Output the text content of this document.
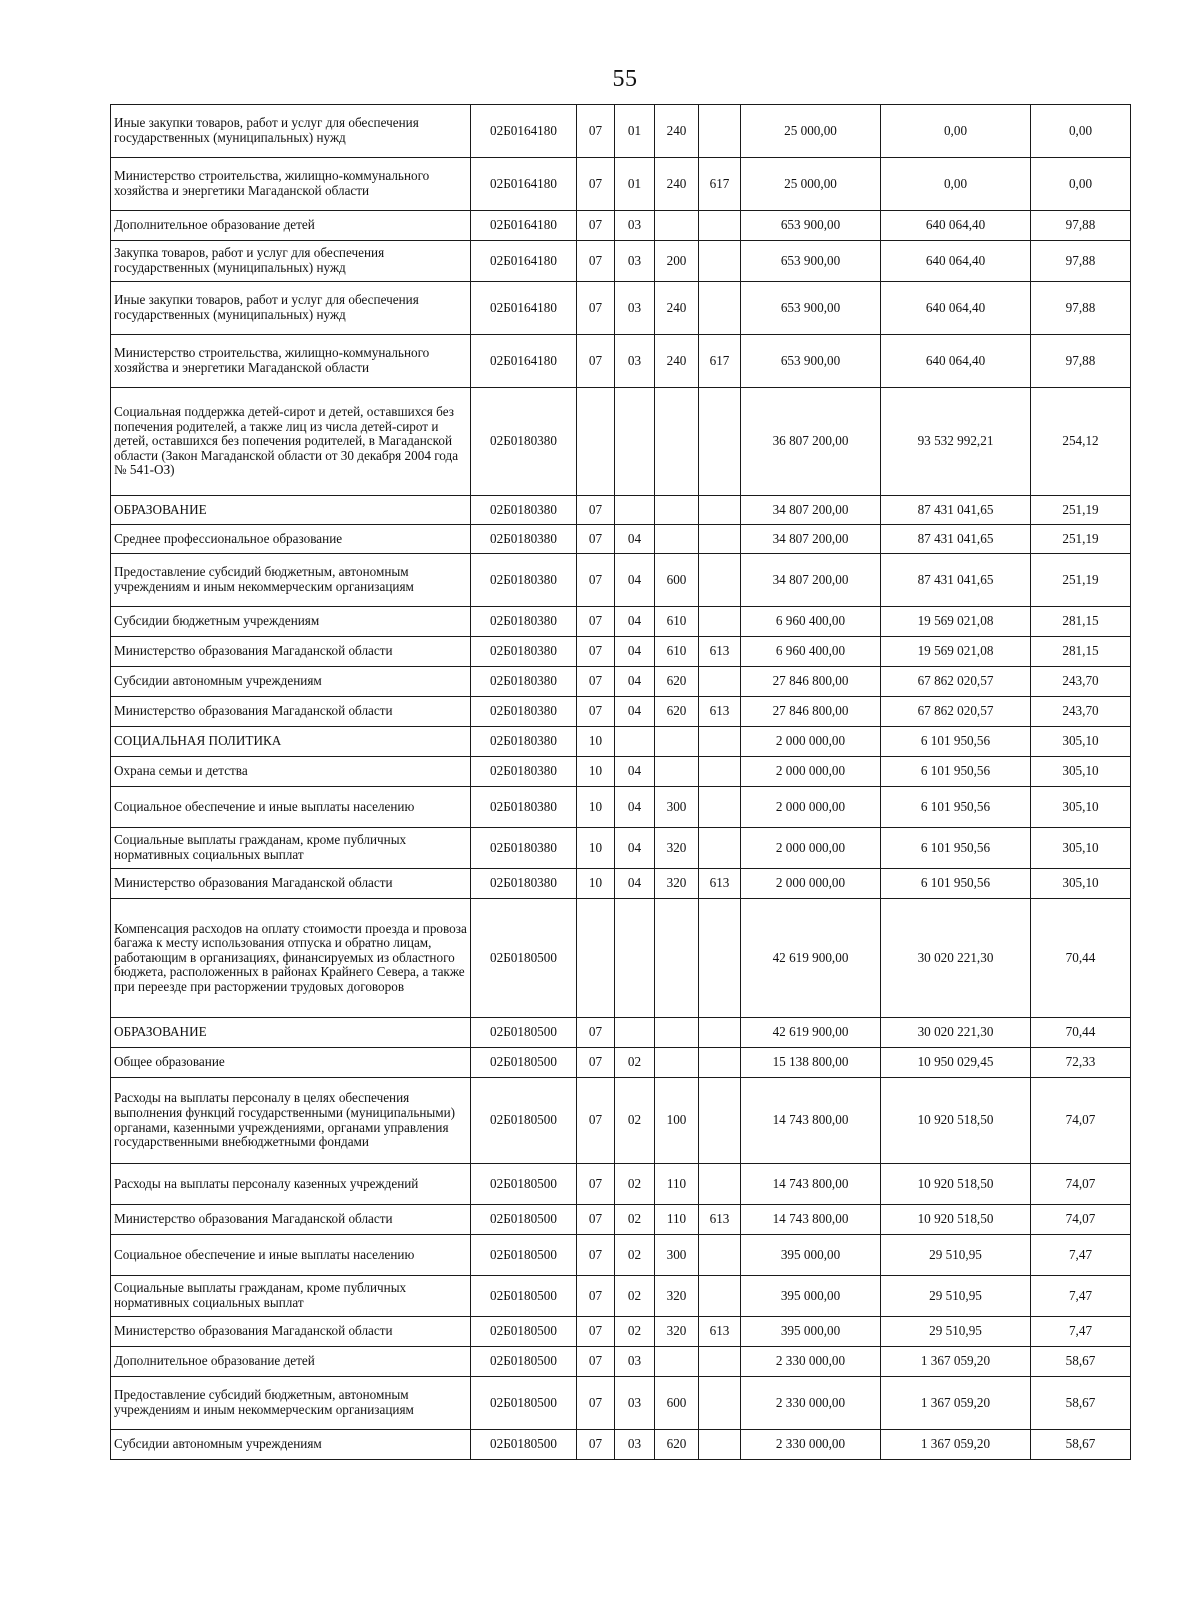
55
Иные закупки товаров, работ и услуг для обеспечения государственных (муниципальных) нужд	02Б0164180	07	01	240		25 000,00	0,00	0,00
Министерство строительства, жилищно-коммунального хозяйства и энергетики Магаданской области	02Б0164180	07	01	240	617	25 000,00	0,00	0,00
Дополнительное образование детей	02Б0164180	07	03			653 900,00	640 064,40	97,88
Закупка товаров, работ и услуг для обеспечения государственных (муниципальных) нужд	02Б0164180	07	03	200		653 900,00	640 064,40	97,88
Иные закупки товаров, работ и услуг для обеспечения государственных (муниципальных) нужд	02Б0164180	07	03	240		653 900,00	640 064,40	97,88
Министерство строительства, жилищно-коммунального хозяйства и энергетики Магаданской области	02Б0164180	07	03	240	617	653 900,00	640 064,40	97,88
Социальная поддержка детей-сирот и детей, оставшихся без попечения родителей, а также лиц из числа детей-сирот и детей, оставшихся без попечения родителей, в Магаданской области (Закон Магаданской области от 30 декабря 2004 года № 541-ОЗ)	02Б0180380					36 807 200,00	93 532 992,21	254,12
ОБРАЗОВАНИЕ	02Б0180380	07				34 807 200,00	87 431 041,65	251,19
Среднее профессиональное образование	02Б0180380	07	04			34 807 200,00	87 431 041,65	251,19
Предоставление субсидий бюджетным, автономным учреждениям и иным некоммерческим организациям	02Б0180380	07	04	600		34 807 200,00	87 431 041,65	251,19
Субсидии бюджетным учреждениям	02Б0180380	07	04	610		6 960 400,00	19 569 021,08	281,15
Министерство образования Магаданской области	02Б0180380	07	04	610	613	6 960 400,00	19 569 021,08	281,15
Субсидии автономным учреждениям	02Б0180380	07	04	620		27 846 800,00	67 862 020,57	243,70
Министерство образования Магаданской области	02Б0180380	07	04	620	613	27 846 800,00	67 862 020,57	243,70
СОЦИАЛЬНАЯ ПОЛИТИКА	02Б0180380	10				2 000 000,00	6 101 950,56	305,10
Охрана семьи и детства	02Б0180380	10	04			2 000 000,00	6 101 950,56	305,10
Социальное обеспечение и иные выплаты населению	02Б0180380	10	04	300		2 000 000,00	6 101 950,56	305,10
Социальные выплаты гражданам, кроме публичных нормативных социальных выплат	02Б0180380	10	04	320		2 000 000,00	6 101 950,56	305,10
Министерство образования Магаданской области	02Б0180380	10	04	320	613	2 000 000,00	6 101 950,56	305,10
Компенсация расходов на оплату стоимости проезда и провоза багажа к месту использования отпуска и обратно лицам, работающим в организациях, финансируемых из областного бюджета, расположенных в районах Крайнего Севера, а также при переезде при расторжении трудовых договоров	02Б0180500					42 619 900,00	30 020 221,30	70,44
ОБРАЗОВАНИЕ	02Б0180500	07				42 619 900,00	30 020 221,30	70,44
Общее образование	02Б0180500	07	02			15 138 800,00	10 950 029,45	72,33
Расходы на выплаты персоналу в целях обеспечения выполнения функций государственными (муниципальными) органами, казенными учреждениями, органами управления государственными внебюджетными фондами	02Б0180500	07	02	100		14 743 800,00	10 920 518,50	74,07
Расходы на выплаты персоналу казенных учреждений	02Б0180500	07	02	110		14 743 800,00	10 920 518,50	74,07
Министерство образования Магаданской области	02Б0180500	07	02	110	613	14 743 800,00	10 920 518,50	74,07
Социальное обеспечение и иные выплаты населению	02Б0180500	07	02	300		395 000,00	29 510,95	7,47
Социальные выплаты гражданам, кроме публичных нормативных социальных выплат	02Б0180500	07	02	320		395 000,00	29 510,95	7,47
Министерство образования Магаданской области	02Б0180500	07	02	320	613	395 000,00	29 510,95	7,47
Дополнительное образование детей	02Б0180500	07	03			2 330 000,00	1 367 059,20	58,67
Предоставление субсидий бюджетным, автономным учреждениям и иным некоммерческим организациям	02Б0180500	07	03	600		2 330 000,00	1 367 059,20	58,67
Субсидии автономным учреждениям	02Б0180500	07	03	620		2 330 000,00	1 367 059,20	58,67
